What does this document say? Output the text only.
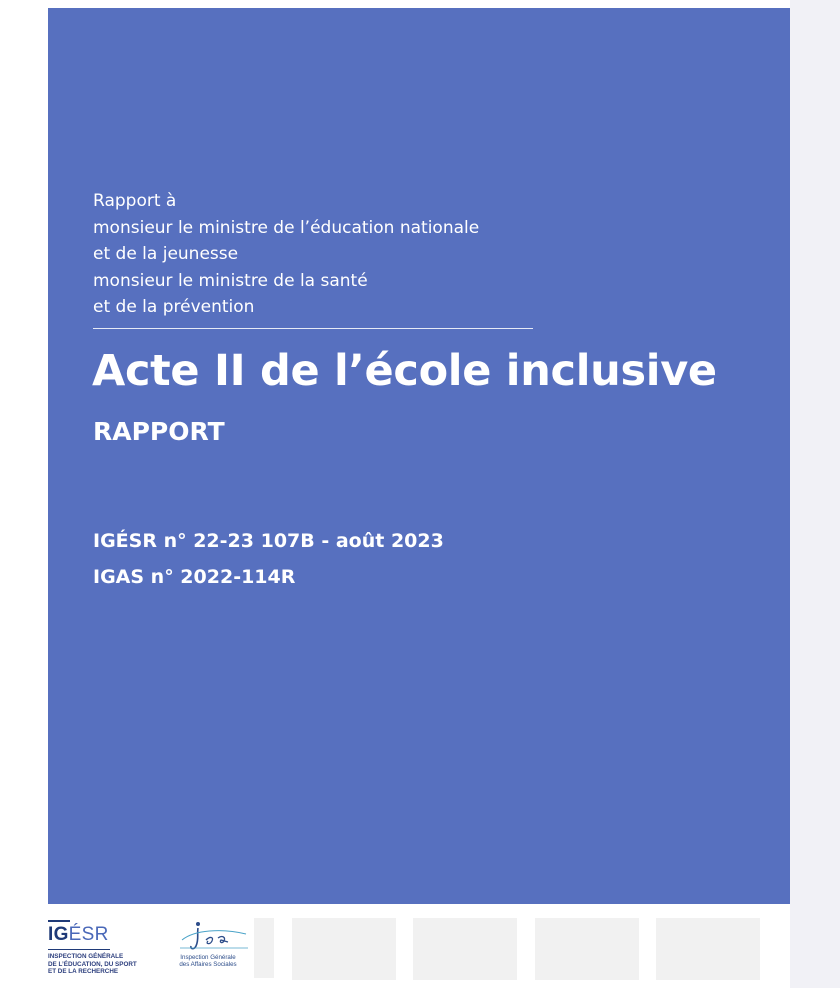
Rapport à
monsieur le ministre de l’éducation nationale
et de la jeunesse
monsieur le ministre de la santé
et de la prévention
Acte II de l’école inclusive
RAPPORT
IGÉSR n° 22-23 107B - août 2023
IGAS n° 2022-114R
IGÉSR
INSPECTION GÉNÉRALE
DE L’ÉDUCATION, DU SPORT
ET DE LA RECHERCHE
Inspection Générale
des Affaires Sociales
